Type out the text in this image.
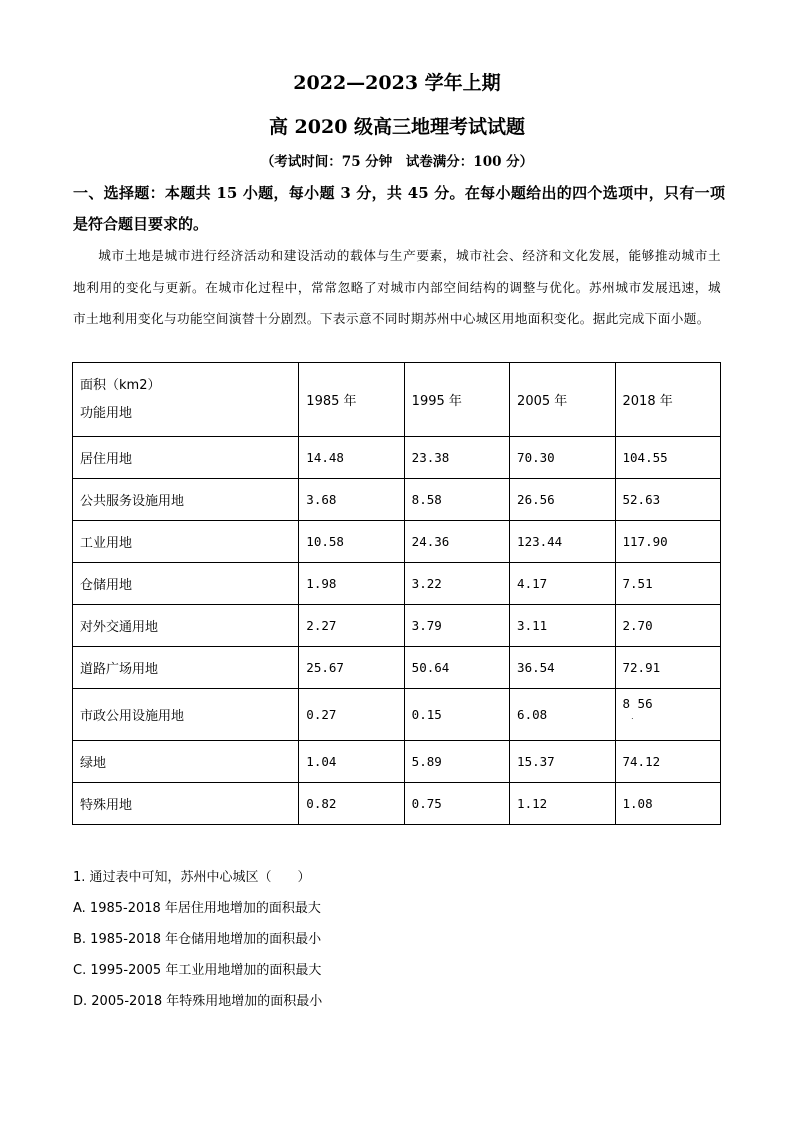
2022—2023 学年上期
高 2020 级高三地理考试试题
（考试时间：75 分钟　试卷满分：100 分）
一、选择题：本题共 15 小题，每小题 3 分，共 45 分。在每小题给出的四个选项中，只有一项是符合题目要求的。
城市土地是城市进行经济活动和建设活动的载体与生产要素，城市社会、经济和文化发展，能够推动城市土地利用的变化与更新。在城市化过程中，常常忽略了对城市内部空间结构的调整与优化。苏州城市发展迅速，城市土地利用变化与功能空间演替十分剧烈。下表示意不同时期苏州中心城区用地面积变化。据此完成下面小题。
面积（km2）
功能用地	1985 年	1995 年	2005 年	2018 年
居住用地	14.48	23.38	70.30	104.55
公共服务设施用地	3.68	8.58	26.56	52.63
工业用地	10.58	24.36	123.44	117.90
仓储用地	1.98	3.22	4.17	7.51
对外交通用地	2.27	3.79	3.11	2.70
道路广场用地	25.67	50.64	36.54	72.91
市政公用设施用地	0.27	0.15	6.08	8 56
.

绿地	1.04	5.89	15.37	74.12
特殊用地	0.82	0.75	1.12	1.08
1. 通过表中可知，苏州中心城区（　　）
A. 1985-2018 年居住用地增加的面积最大
B. 1985-2018 年仓储用地增加的面积最小
C. 1995-2005 年工业用地增加的面积最大
D. 2005-2018 年特殊用地增加的面积最小
